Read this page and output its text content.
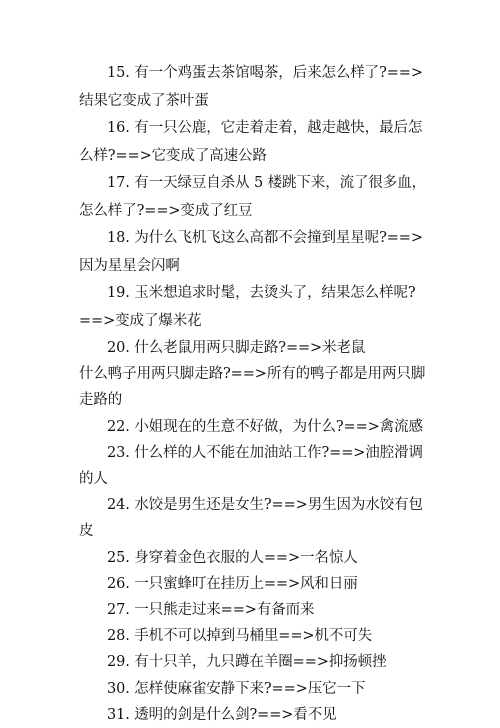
15. 有一个鸡蛋去茶馆喝茶，后来怎么样了?==>结果它变成了茶叶蛋

16. 有一只公鹿，它走着走着，越走越快，最后怎么样?==>它变成了高速公路

17. 有一天绿豆自杀从 5 楼跳下来，流了很多血，怎么样了?==>变成了红豆

18. 为什么飞机飞这么高都不会撞到星星呢?==>因为星星会闪啊

19. 玉米想追求时髦，去烫头了，结果怎么样呢?==>变成了爆米花

20. 什么老鼠用两只脚走路?==>米老鼠

什么鸭子用两只脚走路?==>所有的鸭子都是用两只脚走路的

22. 小姐现在的生意不好做，为什么?==>禽流感

23. 什么样的人不能在加油站工作?==>油腔滑调的人

24. 水饺是男生还是女生?==>男生因为水饺有包皮

25. 身穿着金色衣服的人==>一名惊人

26. 一只蜜蜂叮在挂历上==>风和日丽

27. 一只熊走过来==>有备而来

28. 手机不可以掉到马桶里==>机不可失

29. 有十只羊，九只蹲在羊圈==>抑扬顿挫

30. 怎样使麻雀安静下来?==>压它一下

31. 透明的剑是什么剑?==>看不见
